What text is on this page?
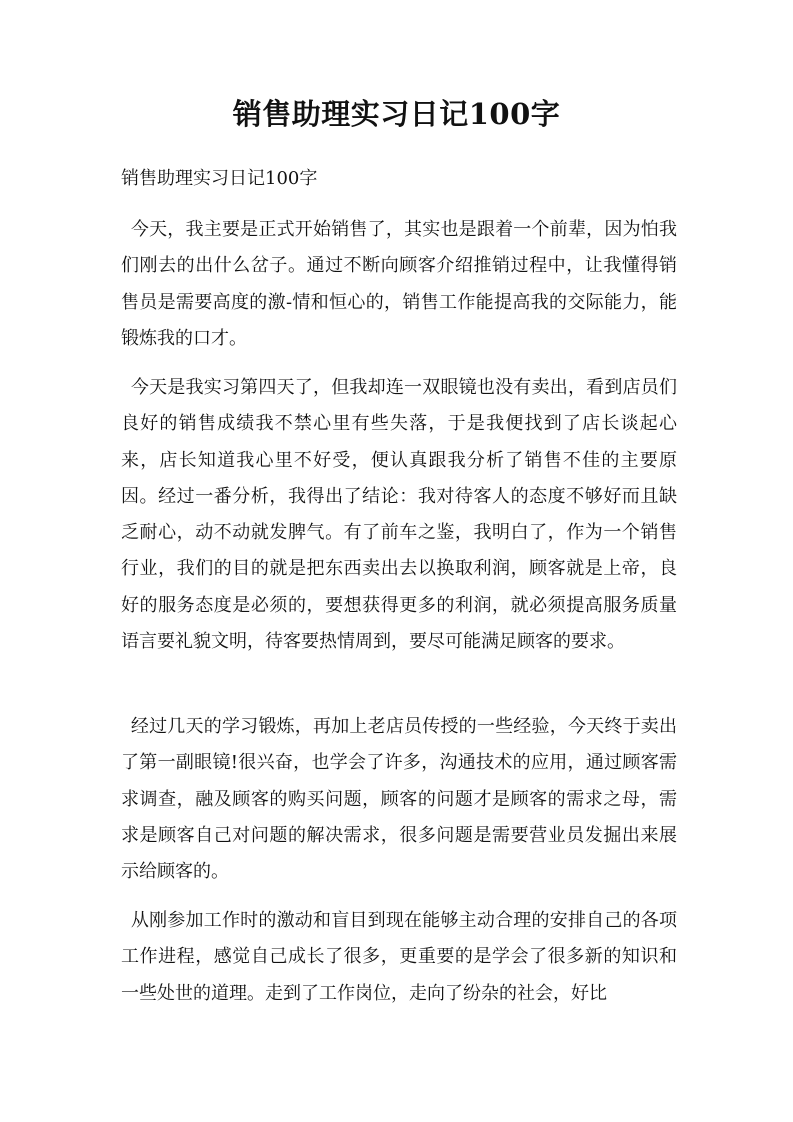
销售助理实习日记100字

销售助理实习日记100字

今天，我主要是正式开始销售了，其实也是跟着一个前辈，因为怕我们刚去的出什么岔子。通过不断向顾客介绍推销过程中，让我懂得销售员是需要高度的激-情和恒心的，销售工作能提高我的交际能力，能锻炼我的口才。

今天是我实习第四天了，但我却连一双眼镜也没有卖出，看到店员们良好的销售成绩我不禁心里有些失落，于是我便找到了店长谈起心来，店长知道我心里不好受，便认真跟我分析了销售不佳的主要原因。经过一番分析，我得出了结论：我对待客人的态度不够好而且缺乏耐心，动不动就发脾气。有了前车之鉴，我明白了，作为一个销售行业，我们的目的就是把东西卖出去以换取利润，顾客就是上帝，良好的服务态度是必须的，要想获得更多的利润，就必须提高服务质量语言要礼貌文明，待客要热情周到，要尽可能满足顾客的要求。

经过几天的学习锻炼，再加上老店员传授的一些经验，今天终于卖出了第一副眼镜!很兴奋，也学会了许多，沟通技术的应用，通过顾客需求调查，融及顾客的购买问题，顾客的问题才是顾客的需求之母，需求是顾客自己对问题的解决需求，很多问题是需要营业员发掘出来展示给顾客的。

从刚参加工作时的激动和盲目到现在能够主动合理的安排自己的各项工作进程，感觉自己成长了很多，更重要的是学会了很多新的知识和一些处世的道理。走到了工作岗位，走向了纷杂的社会，好比
